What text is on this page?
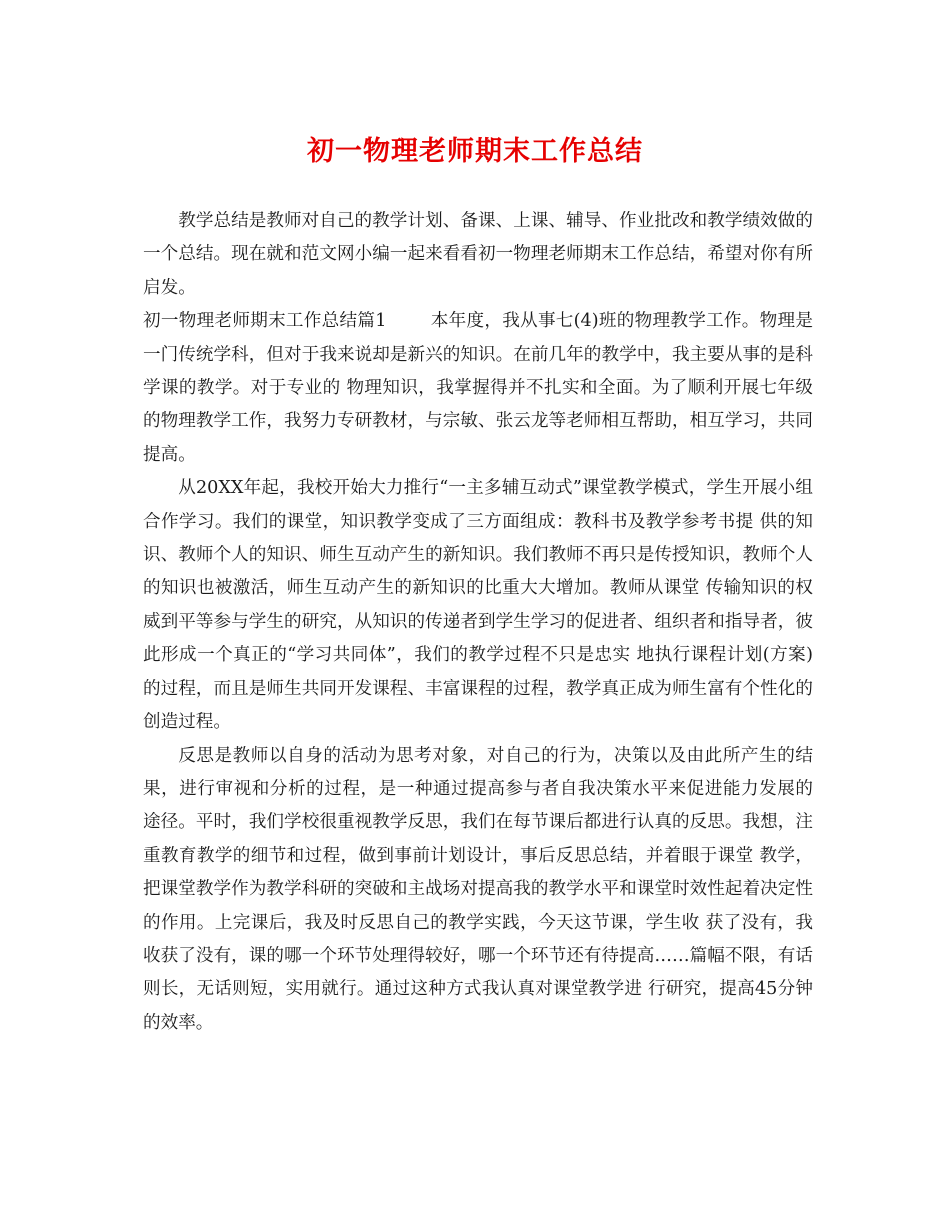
初一物理老师期末工作总结

教学总结是教师对自己的教学计划、备课、上课、辅导、作业批改和教学绩效做的一个总结。现在就和范文网小编一起来看看初一物理老师期末工作总结，希望对你有所启发。

初一物理老师期末工作总结篇1	本年度，我从事七(4)班的物理教学工作。物理是一门传统学科，但对于我来说却是新兴的知识。在前几年的教学中，我主要从事的是科学课的教学。对于专业的 物理知识，我掌握得并不扎实和全面。为了顺利开展七年级的物理教学工作，我努力专研教材，与宗敏、张云龙等老师相互帮助，相互学习，共同提高。

从20XX年起，我校开始大力推行“一主多辅互动式”课堂教学模式，学生开展小组合作学习。我们的课堂，知识教学变成了三方面组成：教科书及教学参考书提 供的知识、教师个人的知识、师生互动产生的新知识。我们教师不再只是传授知识，教师个人的知识也被激活，师生互动产生的新知识的比重大大增加。教师从课堂 传输知识的权威到平等参与学生的研究，从知识的传递者到学生学习的促进者、组织者和指导者，彼此形成一个真正的“学习共同体”，我们的教学过程不只是忠实 地执行课程计划(方案)的过程，而且是师生共同开发课程、丰富课程的过程，教学真正成为师生富有个性化的创造过程。

反思是教师以自身的活动为思考对象，对自己的行为，决策以及由此所产生的结果，进行审视和分析的过程，是一种通过提高参与者自我决策水平来促进能力发展的 途径。平时，我们学校很重视教学反思，我们在每节课后都进行认真的反思。我想，注重教育教学的细节和过程，做到事前计划设计，事后反思总结，并着眼于课堂 教学，把课堂教学作为教学科研的突破和主战场对提高我的教学水平和课堂时效性起着决定性的作用。上完课后，我及时反思自己的教学实践，今天这节课，学生收 获了没有，我收获了没有，课的哪一个环节处理得较好，哪一个环节还有待提高……篇幅不限，有话则长，无话则短，实用就行。通过这种方式我认真对课堂教学进 行研究，提高45分钟的效率。
